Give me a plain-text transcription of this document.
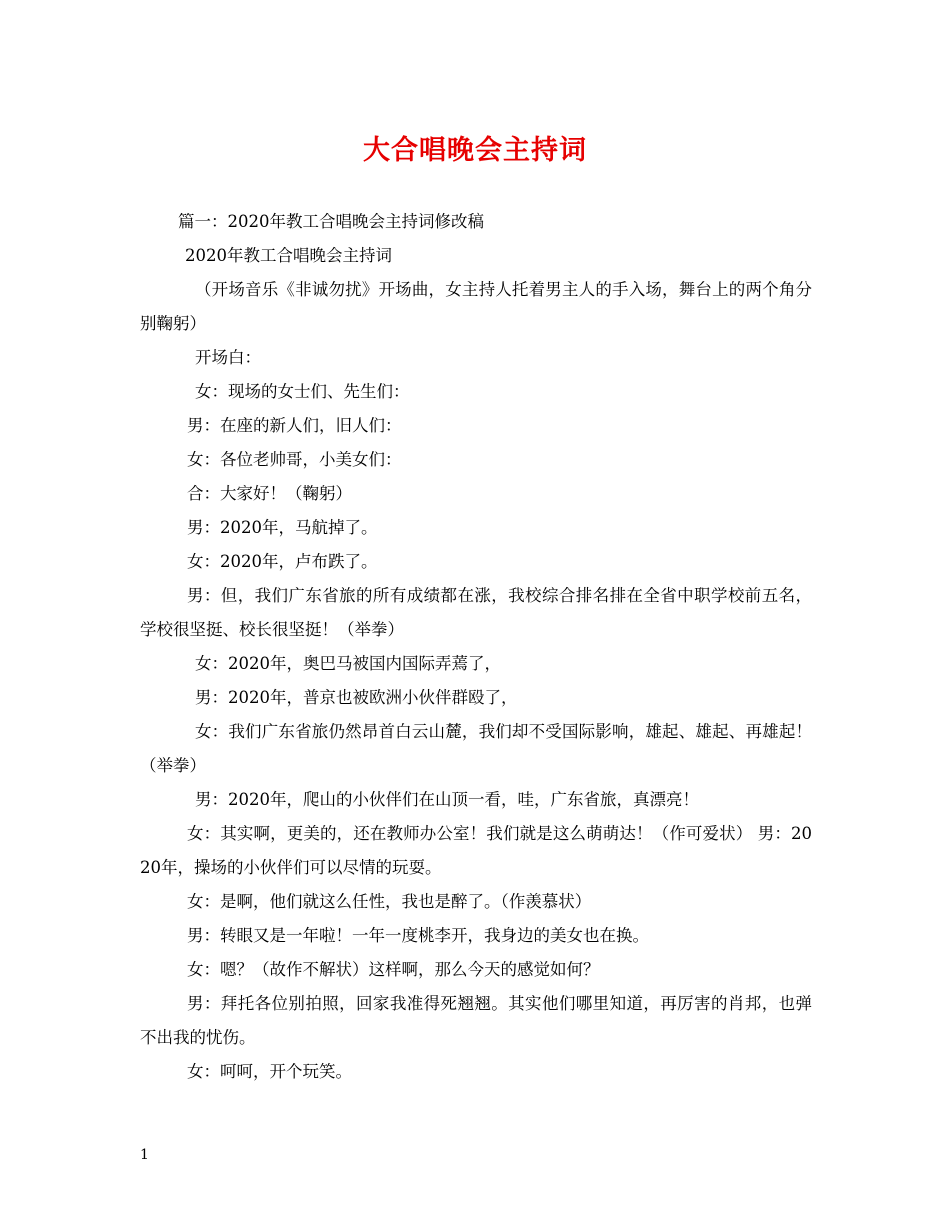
大合唱晚会主持词

篇一：2020年教工合唱晚会主持词修改稿

2020年教工合唱晚会主持词

（开场音乐《非诚勿扰》开场曲，女主持人托着男主人的手入场，舞台上的两个角分别鞠躬）

开场白：

女：现场的女士们、先生们：

男：在座的新人们，旧人们：

女：各位老帅哥，小美女们：

合：大家好！（鞠躬）

男：2020年，马航掉了。

女：2020年，卢布跌了。

男：但，我们广东省旅的所有成绩都在涨，我校综合排名排在全省中职学校前五名，学校很坚挺、校长很坚挺！（举拳）

女：2020年，奥巴马被国内国际弄蔫了，

男：2020年，普京也被欧洲小伙伴群殴了，

女：我们广东省旅仍然昂首白云山麓，我们却不受国际影响，雄起、雄起、再雄起！（举拳）

男：2020年，爬山的小伙伴们在山顶一看，哇，广东省旅，真漂亮！

女：其实啊，更美的，还在教师办公室！我们就是这么萌萌达！（作可爱状） 男：2020年，操场的小伙伴们可以尽情的玩耍。

女：是啊，他们就这么任性，我也是醉了。（作羡慕状）

男：转眼又是一年啦！一年一度桃李开，我身边的美女也在换。

女：嗯？（故作不解状）这样啊，那么今天的感觉如何？

男：拜托各位别拍照，回家我准得死翘翘。其实他们哪里知道，再厉害的肖邦，也弹不出我的忧伤。

女：呵呵，开个玩笑。

1
